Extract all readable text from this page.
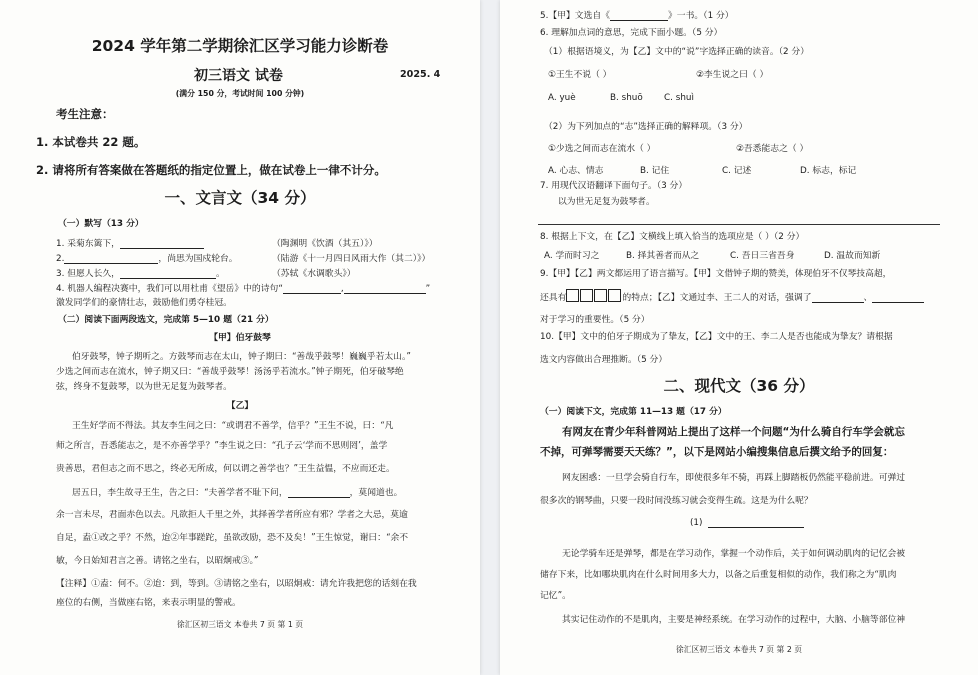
2024 学年第二学期徐汇区学习能力诊断卷
初三语文 试卷	2025. 4
(满分 150 分，考试时间 100 分钟)
考生注意：
1. 本试卷共 22 题。
2. 请将所有答案做在答题纸的指定位置上，做在试卷上一律不计分。
一、文言文（34 分）
（一）默写（13 分）
1. 采菊东篱下，	（陶渊明《饮酒（其五）》）
2.	，尚思为国戍轮台。	（陆游《十一月四日风雨大作（其二）》）
3. 但愿人长久，	。	（苏轼《水调歌头》）
4. 机器人编程决赛中，我们可以用杜甫《望岳》中的诗句“	,	”
激发同学们的豪情壮志，鼓励他们勇夺桂冠。
（二）阅读下面两段选文，完成第 5—10 题（21 分）
【甲】伯牙鼓琴
伯牙鼓琴，钟子期听之。方鼓琴而志在太山，钟子期曰：“善哉乎鼓琴！巍巍乎若太山。”
少选之间而志在流水，钟子期又曰：“善哉乎鼓琴！汤汤乎若流水。”钟子期死，伯牙破琴绝
弦，终身不复鼓琴，以为世无足复为鼓琴者。
【乙】
王生好学而不得法。其友李生问之曰：“或谓君不善学，信乎？”王生不说，曰：“凡
师之所言，吾悉能志之，是不亦善学乎？”李生说之曰：“孔子云‘学而不思则罔’，盖学
贵善思，君但志之而不思之，终必无所成，何以谓之善学也？”王生益愠，不应而还走。
居五日，李生故寻王生，告之曰：“夫善学者不耻下问，	，莫闻道也。
余一言未尽，君面赤色以去。凡欲拒人千里之外，其择善学者所应有邪？学者之大忌，莫逾
自足，盍①改之乎？不然，迨②年事蹉跎，虽欲改励，恐不及矣！”王生惊觉，谢曰：“余不
敏，今日始知君言之善。请铭之坐右，以昭炯戒③。”
【注释】①盍：何不。②迨：到，等到。③请铭之坐右，以昭炯戒：请允许我把您的话刻在我
座位的右侧，当做座右铭，来表示明显的警戒。
徐汇区初三语文 本卷共 7 页 第 1 页
5.【甲】文选自《	》一书。（1 分）
6. 理解加点词的意思，完成下面小题。（5 分）
（1）根据语境义，为【乙】文中的“说”字选择正确的读音。（2 分）
①王生不说（ ）	②李生说之曰（ ）
A. yuè	B. shuō C. shuì
（2）为下列加点的“志”选择正确的解释项。（3 分）
①少选之间而志在流水（ ）	②吾悉能志之（ ）
A. 心志、情志	B. 记住	C. 记述	D. 标志，标记
7. 用现代汉语翻译下面句子。（3 分）
以为世无足复为鼓琴者。
8. 根据上下文，在【乙】文横线上填入恰当的选项应是（ ）（2 分）
A. 学而时习之	B. 择其善者而从之	C. 吾日三省吾身	D. 温故而知新
9.【甲】【乙】两文都运用了语言描写。【甲】文借钟子期的赞美，体现伯牙不仅琴技高超，
还具有	的特点；【乙】文通过李、王二人的对话，强调了	、
对于学习的重要性。（5 分）
10.【甲】文中的伯牙子期成为了挚友，【乙】文中的王、李二人是否也能成为挚友？请根据
选文内容做出合理推断。（5 分）
二、现代文（36 分）
（一）阅读下文，完成第 11—13 题（17 分）
有网友在青少年科普网站上提出了这样一个问题“为什么骑自行车学会就忘
不掉，可弹琴需要天天练？”，以下是网站小编搜集信息后撰文给予的回复：
网友困惑：一旦学会骑自行车，即使很多年不骑，再踩上脚踏板仍然能平稳前进。可弹过
很多次的钢琴曲，只要一段时间没练习就会变得生疏。这是为什么呢？
(1)
无论学骑车还是弹琴，都是在学习动作，掌握一个动作后，关于如何调动肌肉的记忆会被
储存下来，比如哪块肌肉在什么时间用多大力，以备之后重复相似的动作，我们称之为“肌肉
记忆”。
其实记住动作的不是肌肉，主要是神经系统。在学习动作的过程中，大脑、小脑等部位神
徐汇区初三语文 本卷共 7 页 第 2 页
